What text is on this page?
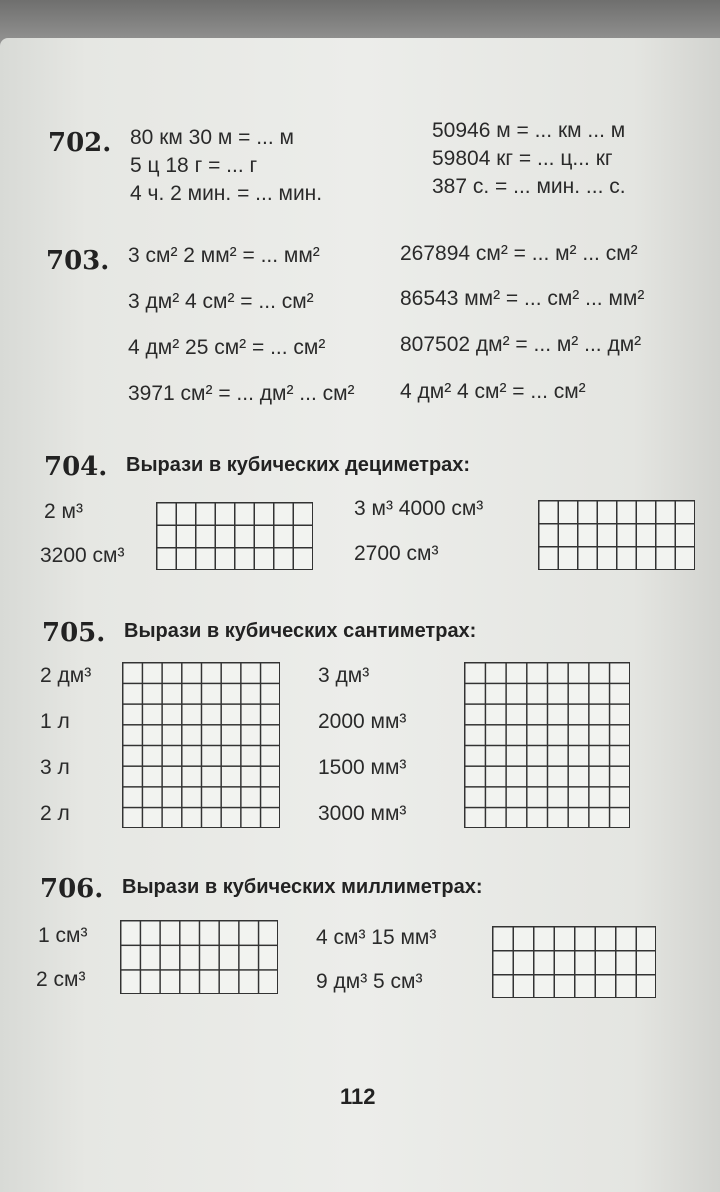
702. 80 км 30 м = ... м
5 ц 18 г = ... г
4 ч. 2 мин. = ... мин.
50946 м = ... км ... м
59804 кг = ... ц... кг
387 с. = ... мин. ... с.
703. 3 см² 2 мм² = ... мм²
3 дм² 4 см² = ... см²
4 дм² 25 см² = ... см²
3971 см² = ... дм² ... см²
267894 см² = ... м² ... см²
86543 мм² = ... см² ... мм²
807502 дм² = ... м² ... дм²
4 дм² 4 см² = ... см²
704. Вырази в кубических дециметрах:
2 м³
3200 см³
3 м³ 4000 см³
2700 см³
705. Вырази в кубических сантиметрах:
2 дм³
1 л
3 л
2 л
3 дм³
2000 мм³
1500 мм³
3000 мм³
706. Вырази в кубических миллиметрах:
1 см³
2 см³
4 см³ 15 мм³
9 дм³ 5 см³
112
